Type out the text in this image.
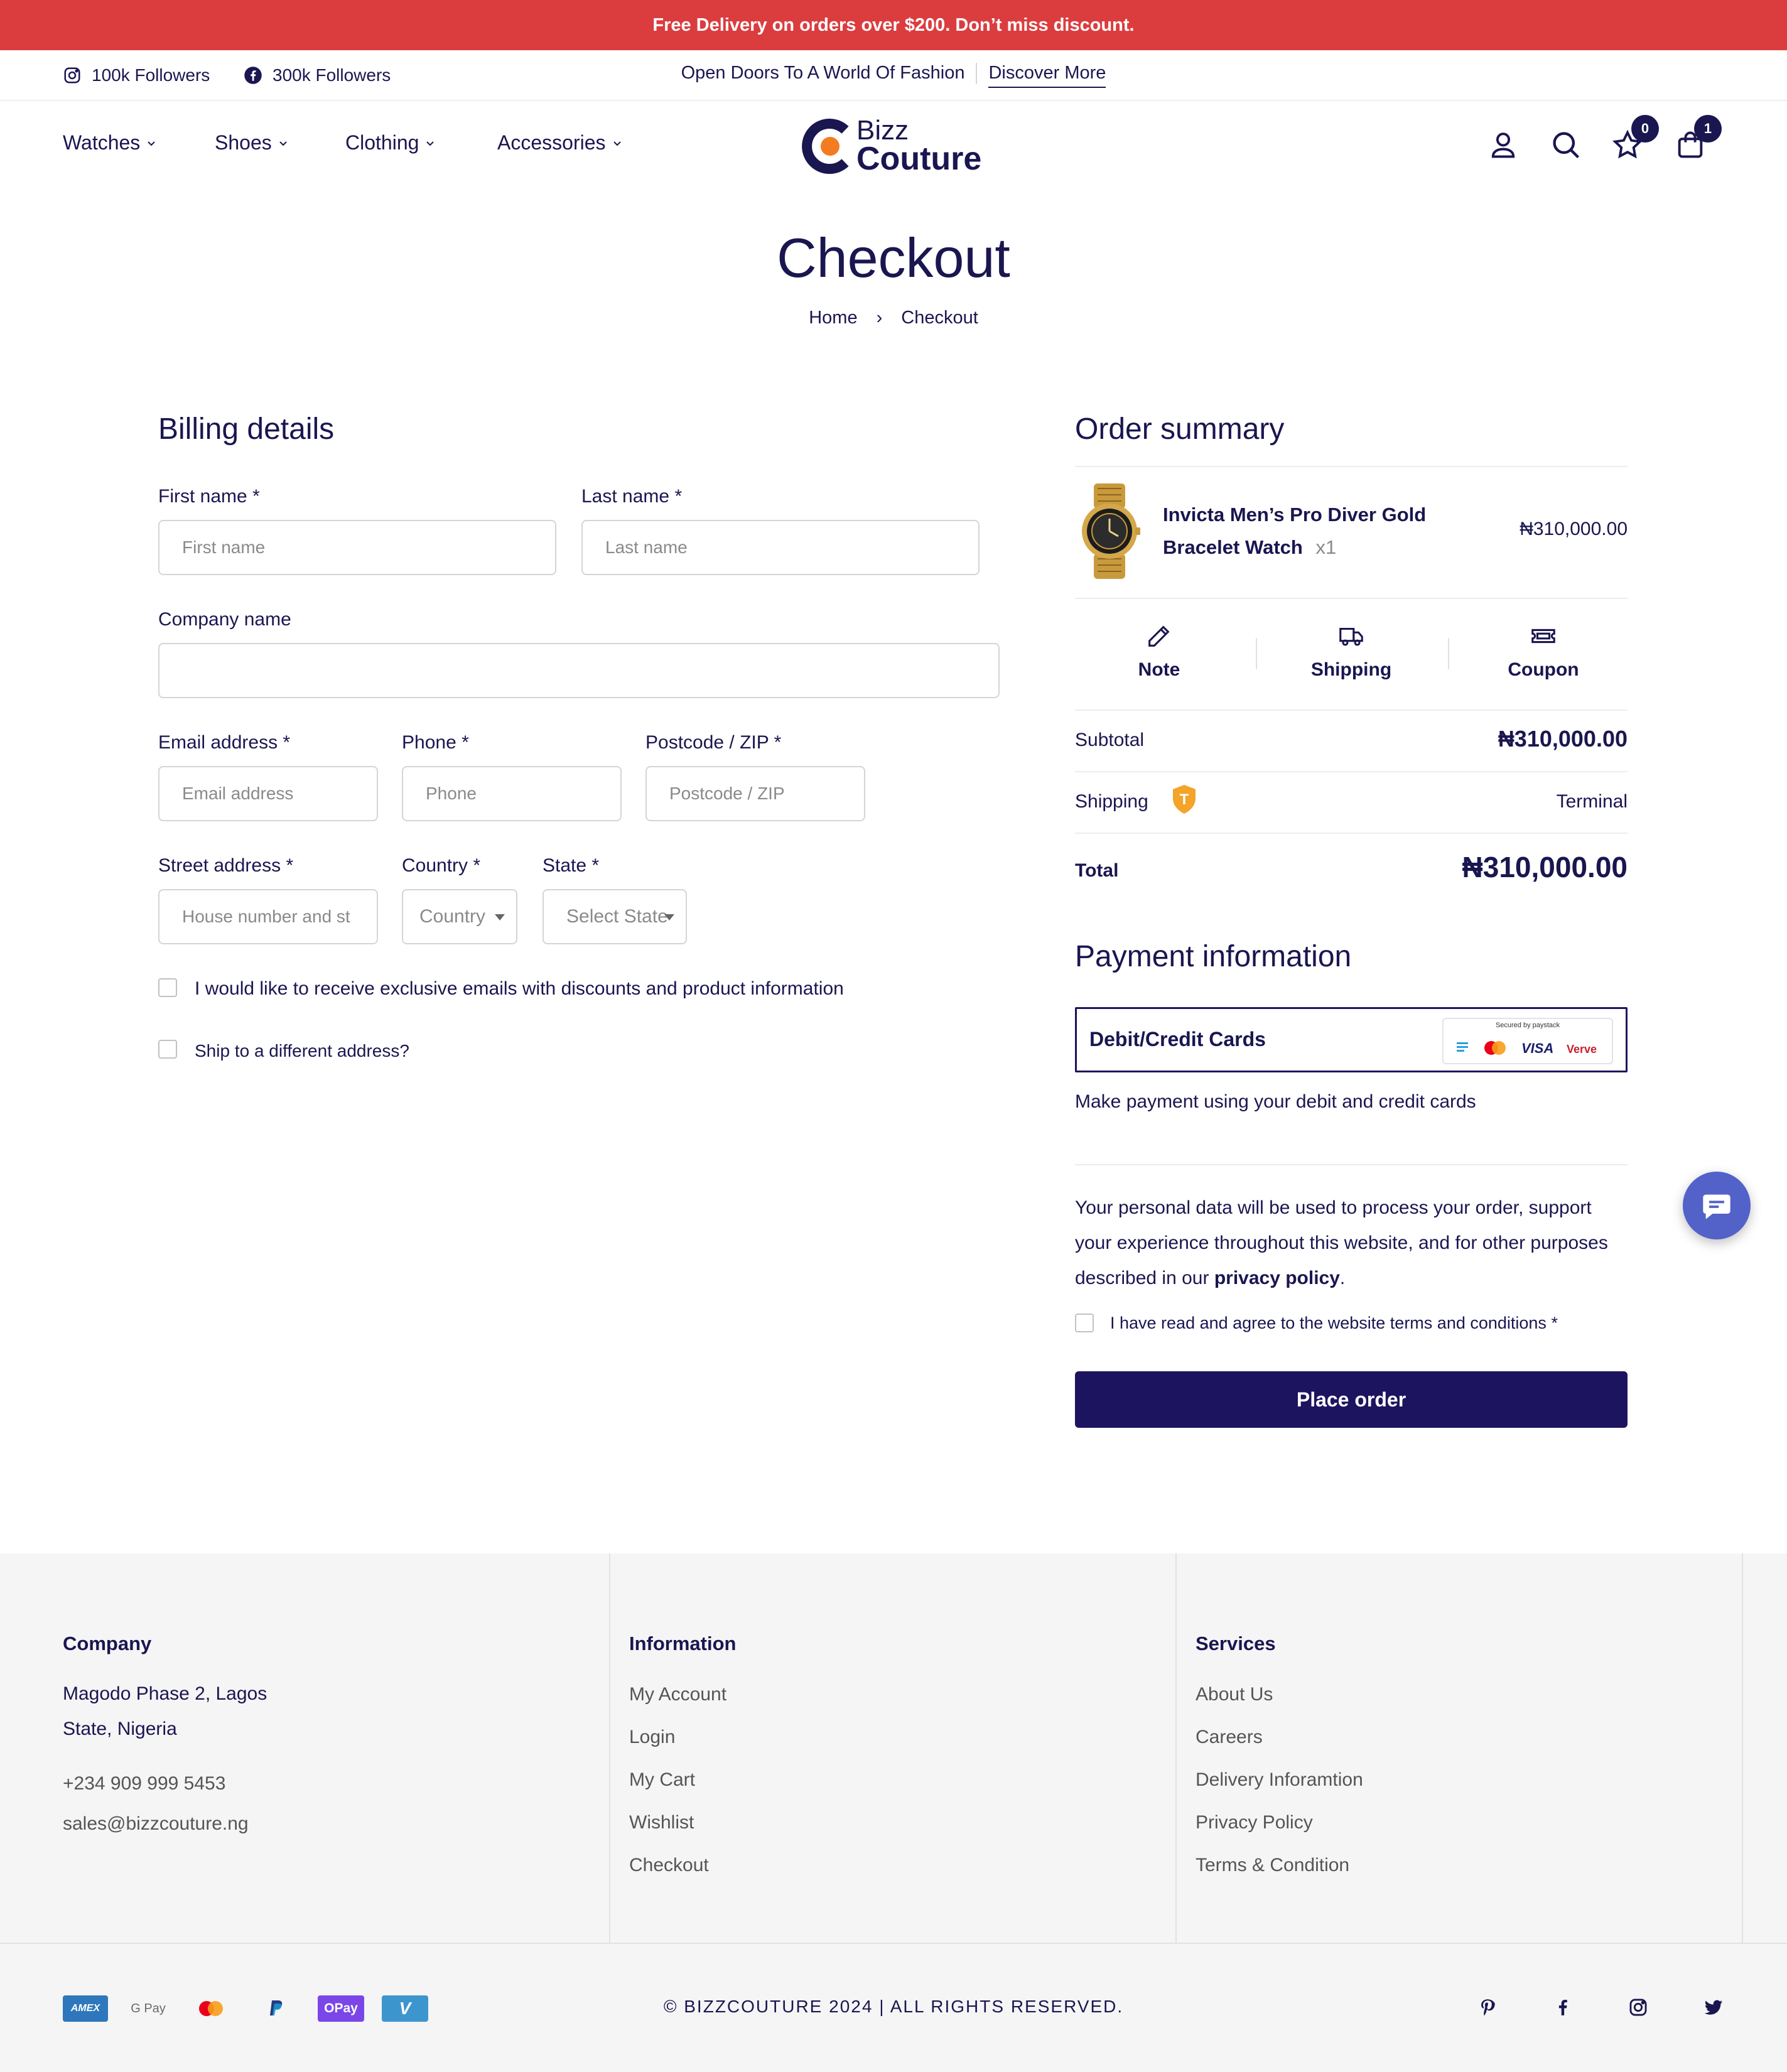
Free Delivery on orders over $200. Don’t miss discount.
100k Followers	300k Followers	Open Doors To A World Of Fashion Discover More
Watches	Shoes	Clothing	Accessories	Bizz
Couture
0	1
Checkout
Home › Checkout
Billing details
First name *
First name
Last name *
Last name
Company name
Email address *
Email address
Phone *
Phone
Postcode / ZIP *
Postcode / ZIP
Street address *
House number and st
Country *
Country
State *
Select State
I would like to receive exclusive emails with discounts and product information
Ship to a different address?
Order summary
Invicta Men’s Pro Diver Gold Bracelet Watch x1
₦310,000.00
Note	Shipping	Coupon
Subtotal	₦310,000.00
Shipping T	Terminal
Total	₦310,000.00
Payment information
Debit/Credit Cards
Secured by paystack
VISA Verve
Make payment using your debit and credit cards
Your personal data will be used to process your order, support your experience throughout this website, and for other purposes described in our privacy policy.
I have read and agree to the website terms and conditions *
Place order
Company
Magodo Phase 2, Lagos
State, Nigeria
+234 909 999 5453
sales@bizzcouture.ng
Information
My Account
Login
My Cart
Wishlist
Checkout
Services
About Us
Careers
Delivery Inforamtion
Privacy Policy
Terms & Condition
AMEX	G Pay	OPay	V	© BIZZCOUTURE 2024 | ALL RIGHTS RESERVED.
